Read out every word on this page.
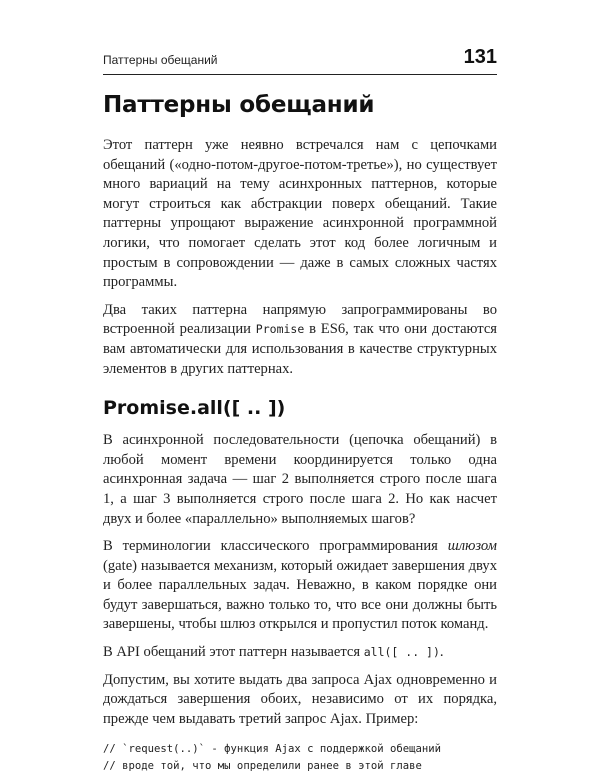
Паттерны обещаний	131
Паттерны обещаний

Этот паттерн уже неявно встречался нам с цепочками обещаний («одно-потом-другое-потом-третье»), но существует много вариаций на тему асинхронных паттернов, которые могут строиться как абстракции поверх обещаний. Такие паттерны упрощают выражение асинхронной программной логики, что помогает сделать этот код более логичным и простым в сопровождении — даже в самых сложных частях программы.

Два таких паттерна напрямую запрограммированы во встроенной реализации Promise в ES6, так что они достаются вам автоматически для использования в качестве структурных элементов в других паттернах.

Promise.all([ .. ])

В асинхронной последовательности (цепочка обещаний) в любой момент времени координируется только одна асинхронная задача — шаг 2 выполняется строго после шага 1, а шаг 3 выполняется строго после шага 2. Но как насчет двух и более «параллельно» выполняемых шагов?

В терминологии классического программирования шлюзом (gate) называется механизм, который ожидает завершения двух и более параллельных задач. Неважно, в каком порядке они будут завершаться, важно только то, что все они должны быть завершены, чтобы шлюз открылся и пропустил поток команд.

В API обещаний этот паттерн называется all([ .. ]).

Допустим, вы хотите выдать два запроса Ajax одновременно и дождаться завершения обоих, независимо от их порядка, прежде чем выдавать третий запрос Ajax. Пример:

// `request(..)` - функция Ajax с поддержкой обещаний
// вроде той, что мы определили ранее в этой главе
